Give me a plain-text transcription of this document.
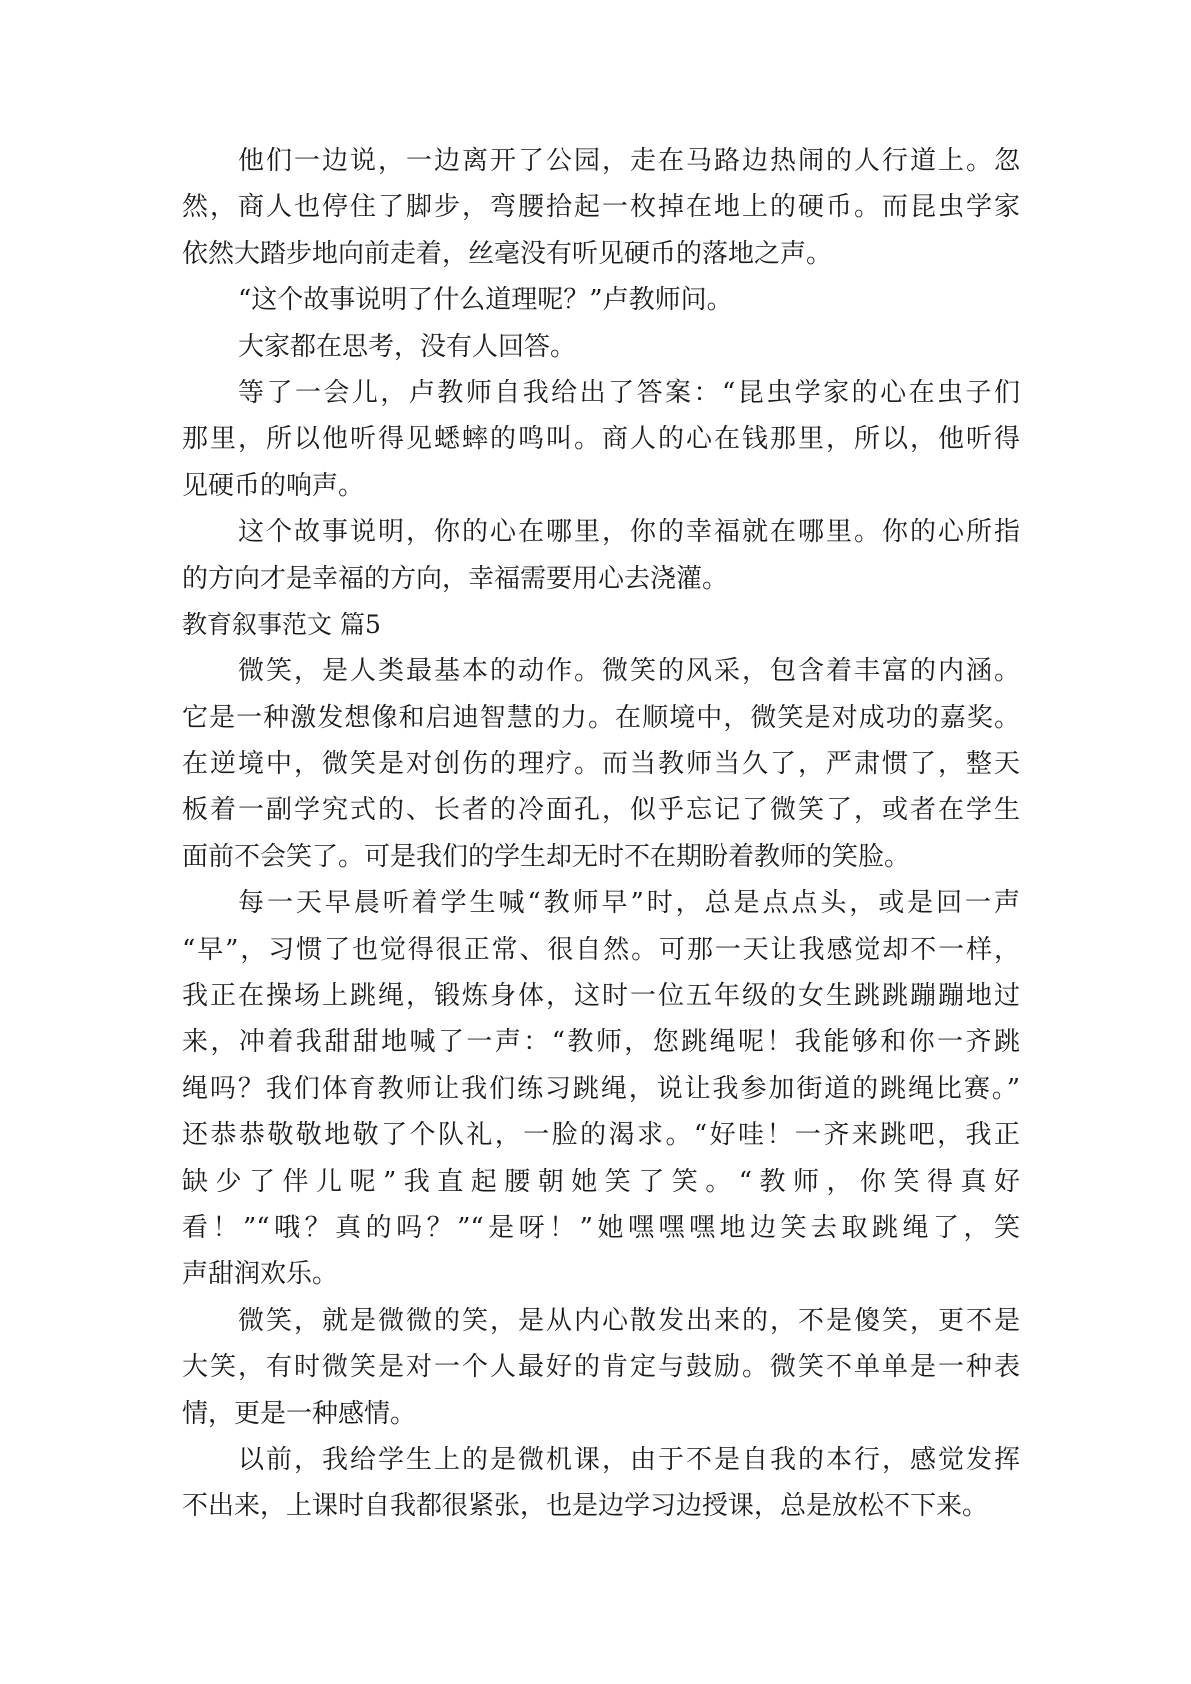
他们一边说，一边离开了公园，走在马路边热闹的人行道上。忽
然，商人也停住了脚步，弯腰拾起一枚掉在地上的硬币。而昆虫学家
依然大踏步地向前走着，丝毫没有听见硬币的落地之声。
“这个故事说明了什么道理呢？”卢教师问。
大家都在思考，没有人回答。
等了一会儿，卢教师自我给出了答案：“昆虫学家的心在虫子们
那里，所以他听得见蟋蟀的鸣叫。商人的心在钱那里，所以，他听得
见硬币的响声。
这个故事说明，你的心在哪里，你的幸福就在哪里。你的心所指
的方向才是幸福的方向，幸福需要用心去浇灌。
教育叙事范文 篇5
微笑，是人类最基本的动作。微笑的风采，包含着丰富的内涵。
它是一种激发想像和启迪智慧的力。在顺境中，微笑是对成功的嘉奖。
在逆境中，微笑是对创伤的理疗。而当教师当久了，严肃惯了，整天
板着一副学究式的、长者的冷面孔，似乎忘记了微笑了，或者在学生
面前不会笑了。可是我们的学生却无时不在期盼着教师的笑脸。
每一天早晨听着学生喊“教师早”时，总是点点头，或是回一声
“早”，习惯了也觉得很正常、很自然。可那一天让我感觉却不一样，
我正在操场上跳绳，锻炼身体，这时一位五年级的女生跳跳蹦蹦地过
来，冲着我甜甜地喊了一声：“教师，您跳绳呢！我能够和你一齐跳
绳吗？我们体育教师让我们练习跳绳，说让我参加街道的跳绳比赛。”
还恭恭敬敬地敬了个队礼，一脸的渴求。“好哇！一齐来跳吧，我正
缺少了伴儿呢”我直起腰朝她笑了笑。“教师，你笑得真好
看！”“哦？真的吗？”“是呀！”她嘿嘿嘿地边笑去取跳绳了，笑
声甜润欢乐。
微笑，就是微微的笑，是从内心散发出来的，不是傻笑，更不是
大笑，有时微笑是对一个人最好的肯定与鼓励。微笑不单单是一种表
情，更是一种感情。
以前，我给学生上的是微机课，由于不是自我的本行，感觉发挥
不出来，上课时自我都很紧张，也是边学习边授课，总是放松不下来。
